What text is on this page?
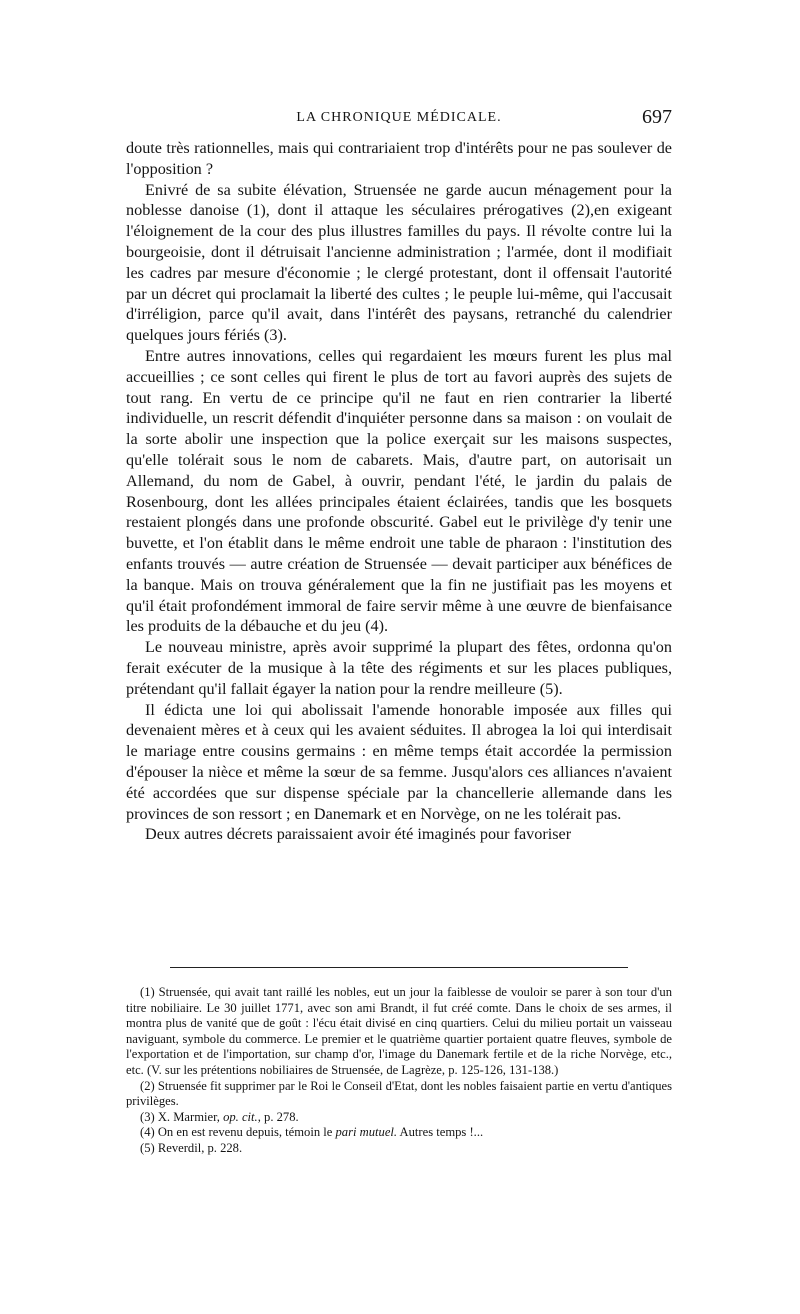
LA CHRONIQUE MÉDICALE.	697

doute très rationnelles, mais qui contrariaient trop d'intérêts pour ne pas soulever de l'opposition ?

Enivré de sa subite élévation, Struensée ne garde aucun ménagement pour la noblesse danoise (1), dont il attaque les séculaires prérogatives (2),en exigeant l'éloignement de la cour des plus illustres familles du pays. Il révolte contre lui la bourgeoisie, dont il détruisait l'ancienne administration ; l'armée, dont il modifiait les cadres par mesure d'économie ; le clergé protestant, dont il offensait l'autorité par un décret qui proclamait la liberté des cultes ; le peuple lui-même, qui l'accusait d'irréligion, parce qu'il avait, dans l'intérêt des paysans, retranché du calendrier quelques jours fériés (3).

Entre autres innovations, celles qui regardaient les mœurs furent les plus mal accueillies ; ce sont celles qui firent le plus de tort au favori auprès des sujets de tout rang. En vertu de ce principe qu'il ne faut en rien contrarier la liberté individuelle, un rescrit défendit d'inquiéter personne dans sa maison : on voulait de la sorte abolir une inspection que la police exerçait sur les maisons suspectes, qu'elle tolérait sous le nom de cabarets. Mais, d'autre part, on autorisait un Allemand, du nom de Gabel, à ouvrir, pendant l'été, le jardin du palais de Rosenbourg, dont les allées principales étaient éclairées, tandis que les bosquets restaient plongés dans une profonde obscurité. Gabel eut le privilège d'y tenir une buvette, et l'on établit dans le même endroit une table de pharaon : l'institution des enfants trouvés — autre création de Struensée — devait participer aux bénéfices de la banque. Mais on trouva généralement que la fin ne justifiait pas les moyens et qu'il était profondément immoral de faire servir même à une œuvre de bienfaisance les produits de la débauche et du jeu (4).

Le nouveau ministre, après avoir supprimé la plupart des fêtes, ordonna qu'on ferait exécuter de la musique à la tête des régiments et sur les places publiques, prétendant qu'il fallait égayer la nation pour la rendre meilleure (5).

Il édicta une loi qui abolissait l'amende honorable imposée aux filles qui devenaient mères et à ceux qui les avaient séduites. Il abrogea la loi qui interdisait le mariage entre cousins germains : en même temps était accordée la permission d'épouser la nièce et même la sœur de sa femme. Jusqu'alors ces alliances n'avaient été accordées que sur dispense spéciale par la chancellerie allemande dans les provinces de son ressort ; en Danemark et en Norvège, on ne les tolérait pas.

Deux autres décrets paraissaient avoir été imaginés pour favoriser

(1) Struensée, qui avait tant raillé les nobles, eut un jour la faiblesse de vouloir se parer à son tour d'un titre nobiliaire. Le 30 juillet 1771, avec son ami Brandt, il fut créé comte. Dans le choix de ses armes, il montra plus de vanité que de goût : l'écu était divisé en cinq quartiers. Celui du milieu portait un vaisseau naviguant, symbole du commerce. Le premier et le quatrième quartier portaient quatre fleuves, symbole de l'exportation et de l'importation, sur champ d'or, l'image du Danemark fertile et de la riche Norvège, etc., etc. (V. sur les prétentions nobiliaires de Struensée, de Lagrèze, p. 125-126, 131-138.)

(2) Struensée fit supprimer par le Roi le Conseil d'Etat, dont les nobles faisaient partie en vertu d'antiques privilèges.

(3) X. Marmier, op. cit., p. 278.

(4) On en est revenu depuis, témoin le pari mutuel. Autres temps !...

(5) Reverdil, p. 228.
